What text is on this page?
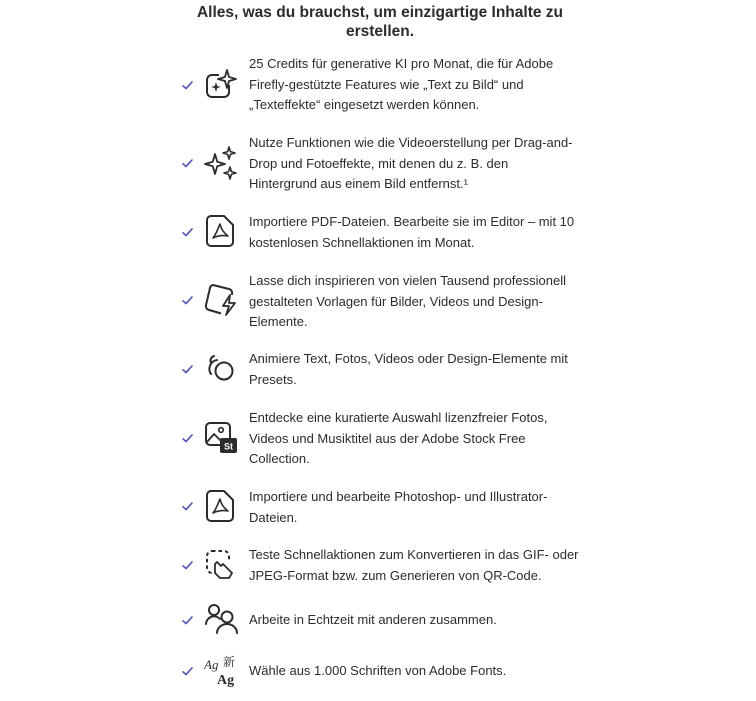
Alles, was du brauchst, um einzigartige Inhalte zu erstellen.

25 Credits für generative KI pro Monat, die für Adobe Firefly-gestützte Features wie „Text zu Bild“ und „Texteffekte“ eingesetzt werden können.

Nutze Funktionen wie die Videoerstellung per Drag-and-Drop und Fotoeffekte, mit denen du z. B. den Hintergrund aus einem Bild entfernst.¹

Importiere PDF-Dateien. Bearbeite sie im Editor – mit 10 kostenlosen Schnellaktionen im Monat.

Lasse dich inspirieren von vielen Tausend professionell gestalteten Vorlagen für Bilder, Videos und Design-Elemente.

Animiere Text, Fotos, Videos oder Design-Elemente mit Presets.

St

Entdecke eine kuratierte Auswahl lizenzfreier Fotos, Videos und Musiktitel aus der Adobe Stock Free Collection.

Importiere und bearbeite Photoshop- und Illustrator-Dateien.

Teste Schnellaktionen zum Konvertieren in das GIF- oder JPEG-Format bzw. zum Generieren von QR-Code.

Arbeite in Echtzeit mit anderen zusammen.

Ag 新
Ag

Wähle aus 1.000 Schriften von Adobe Fonts.
